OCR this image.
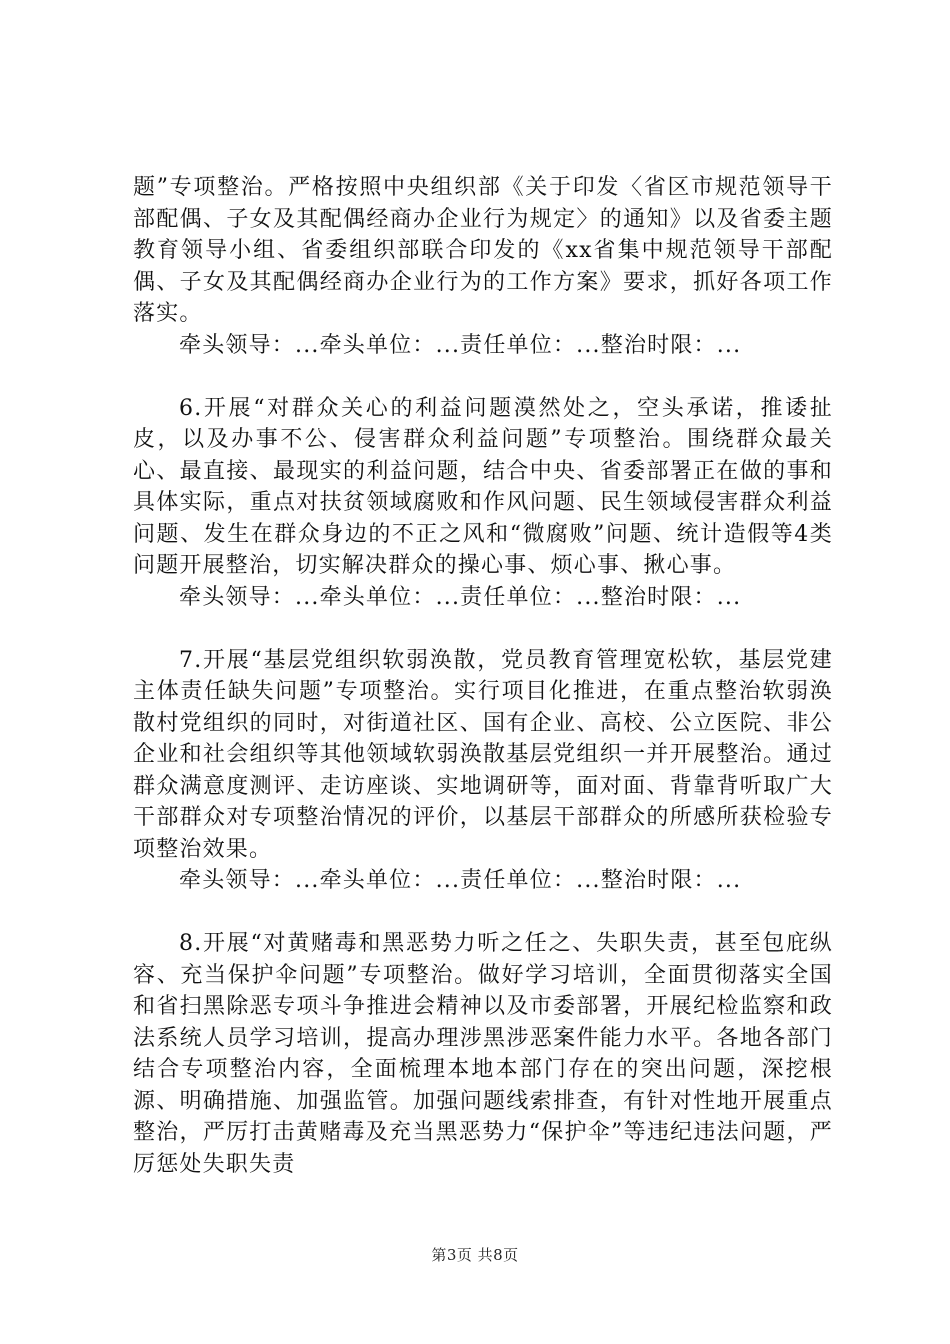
题”专项整治。严格按照中央组织部《关于印发〈省区市规范领导干部配偶、子女及其配偶经商办企业行为规定〉的通知》以及省委主题教育领导小组、省委组织部联合印发的《xx省集中规范领导干部配偶、子女及其配偶经商办企业行为的工作方案》要求，抓好各项工作落实。

牵头领导：...牵头单位：...责任单位：...整治时限：...

6.开展“对群众关心的利益问题漠然处之，空头承诺，推诿扯皮，以及办事不公、侵害群众利益问题”专项整治。围绕群众最关心、最直接、最现实的利益问题，结合中央、省委部署正在做的事和具体实际，重点对扶贫领域腐败和作风问题、民生领域侵害群众利益问题、发生在群众身边的不正之风和“微腐败”问题、统计造假等4类问题开展整治，切实解决群众的操心事、烦心事、揪心事。

牵头领导：...牵头单位：...责任单位：...整治时限：...

7.开展“基层党组织软弱涣散，党员教育管理宽松软，基层党建主体责任缺失问题”专项整治。实行项目化推进，在重点整治软弱涣散村党组织的同时，对街道社区、国有企业、高校、公立医院、非公企业和社会组织等其他领域软弱涣散基层党组织一并开展整治。通过群众满意度测评、走访座谈、实地调研等，面对面、背靠背听取广大干部群众对专项整治情况的评价，以基层干部群众的所感所获检验专项整治效果。

牵头领导：...牵头单位：...责任单位：...整治时限：...

8.开展“对黄赌毒和黑恶势力听之任之、失职失责，甚至包庇纵容、充当保护伞问题”专项整治。做好学习培训，全面贯彻落实全国和省扫黑除恶专项斗争推进会精神以及市委部署，开展纪检监察和政法系统人员学习培训，提高办理涉黑涉恶案件能力水平。各地各部门结合专项整治内容，全面梳理本地本部门存在的突出问题，深挖根源、明确措施、加强监管。加强问题线索排查，有针对性地开展重点整治，严厉打击黄赌毒及充当黑恶势力“保护伞”等违纪违法问题，严厉惩处失职失责

第3页 共8页
